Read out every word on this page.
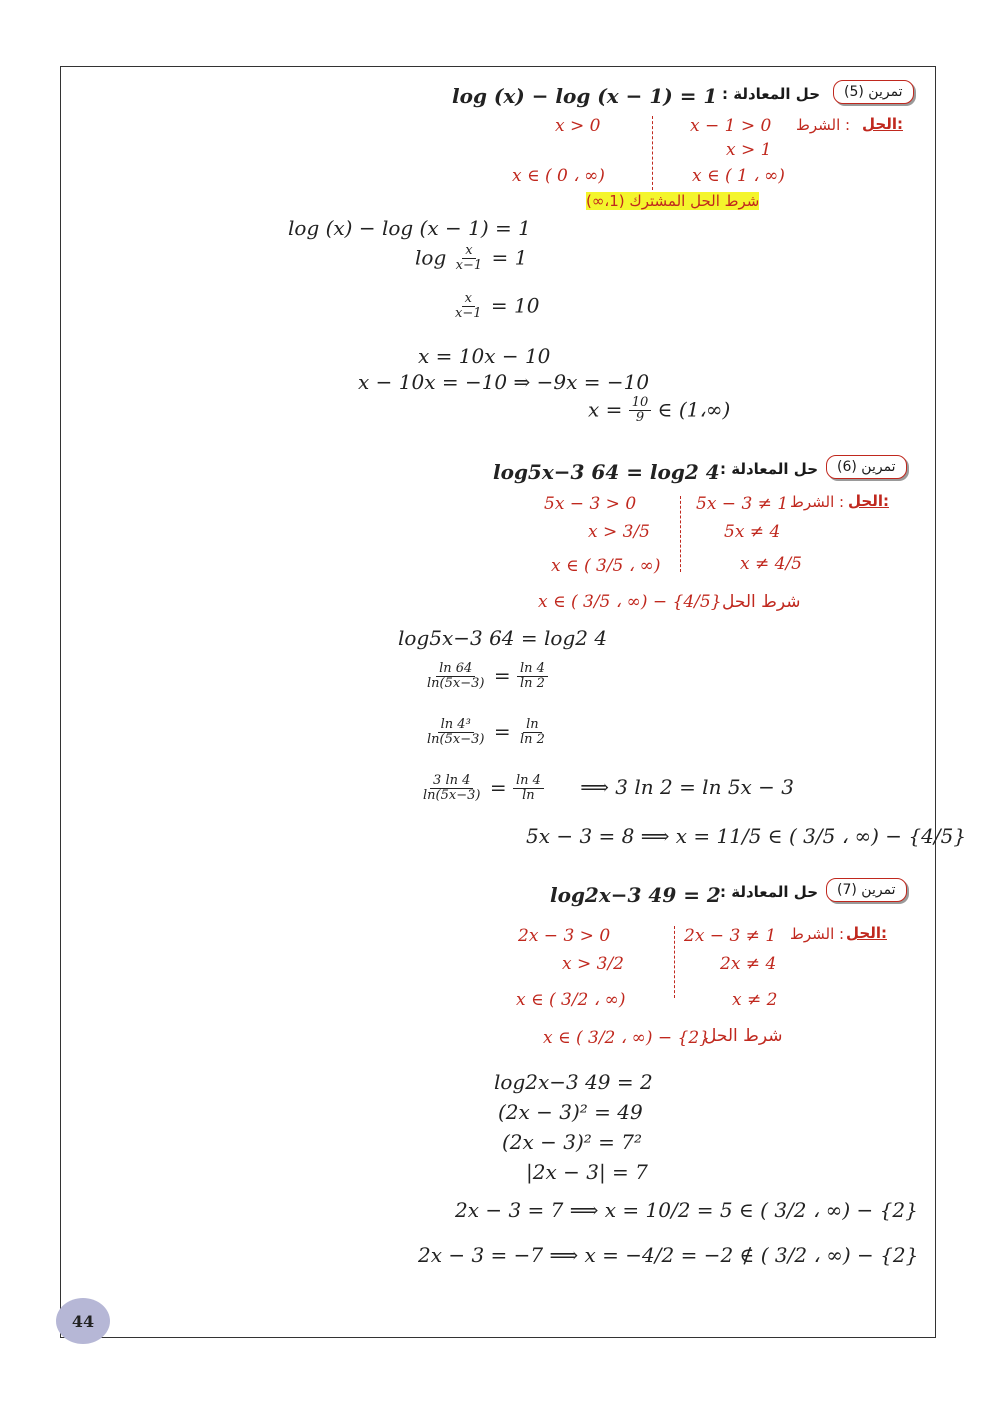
تمرين (5)
حل المعادلة :
log (x) − log (x − 1) = 1
الحل:
الشرط :
x − 1 > 0
x > 1
x ∈ ( 1 ، ∞)
x > 0
x ∈ ( 0 ، ∞)
شرط الحل المشترك (1،∞)
log (x) − log (x − 1) = 1
$\log \frac{x}{x-1} = 1$
$\frac{x}{x-1} = 10$
x = 10x − 10
x − 10x = −10 ⇒ −9x = −10
$x = \frac{10}{9}$ ∈ (1،∞)
تمرين (6)
حل المعادلة :
log5x−3 64 = log2 4
الحل:
الشرط :
5x − 3 ≠ 1
5x ≠ 4
x ≠ 4/5
5x − 3 > 0
x > 3/5
x ∈ ( 3/5 ، ∞)
x ∈ ( 3/5 ، ∞) − {4/5} شرط الحل
log5x−3 64 = log2 4
$\frac{\ln 64}{\ln(5x-3)} = \frac{\ln 4}{\ln 2}$
$\frac{\text{ln 4³}}{\ln(5x-3)} = \frac{\ln}{\ln 2}$
$\frac{3 \ln 4}{\ln(5x-3)} = \frac{\ln 4}{\ln}$ ⟹ 3 ln 2 = ln 5x − 3
5x − 3 = 8 ⟹ x = 11/5 ∈ ( 3/5 ، ∞) − {4/5}
تمرين (7)
حل المعادلة :
log2x−3 49 = 2
الحل:
الشرط :
2x − 3 ≠ 1
2x ≠ 4
x ≠ 2
2x − 3 > 0
x > 3/2
x ∈ ( 3/2 ، ∞)
x ∈ ( 3/2 ، ∞) − {2}
شرط الحل
log2x−3 49 = 2
(2x − 3)² = 49
(2x − 3)² = 7²
|2x − 3| = 7
2x − 3 = 7 ⟹ x = 10/2 = 5 ∈ ( 3/2 ، ∞) − {2}
2x − 3 = −7 ⟹ x = −4/2 = −2 ∉ ( 3/2 ، ∞) − {2}
44
